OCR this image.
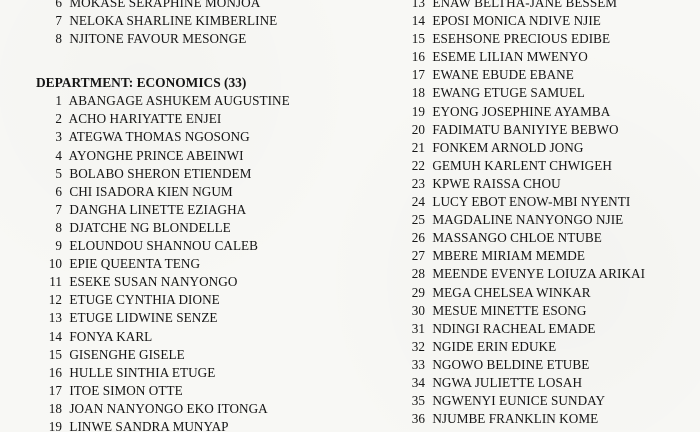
6 MOKASE SERAPHINE MONJOA
7 NELOKA SHARLINE KIMBERLINE
8 NJITONE FAVOUR MESONGE
DEPARTMENT: ECONOMICS (33)
1 ABANGAGE ASHUKEM AUGUSTINE
2 ACHO HARIYATTE ENJEI
3 ATEGWA THOMAS NGOSONG
4 AYONGHE PRINCE ABEINWI
5 BOLABO SHERON ETIENDEM
6 CHI ISADORA KIEN NGUM
7 DANGHA LINETTE EZIAGHA
8 DJATCHE NG BLONDELLE
9 ELOUNDOU SHANNOU CALEB
10 EPIE QUEENTA TENG
11 ESEKE SUSAN NANYONGO
12 ETUGE CYNTHIA DIONE
13 ETUGE LIDWINE SENZE
14 FONYA KARL
15 GISENGHE GISELE
16 HULLE SINTHIA ETUGE
17 ITOE SIMON OTTE
18 JOAN NANYONGO EKO ITONGA
19 LINWE SANDRA MUNYAP
13 ENAW BELTHA-JANE BESSEM
14 EPOSI MONICA NDIVE NJIE
15 ESEHSONE PRECIOUS EDIBE
16 ESEME LILIAN MWENYO
17 EWANE EBUDE EBANE
18 EWANG ETUGE SAMUEL
19 EYONG JOSEPHINE AYAMBA
20 FADIMATU BANIYIYE BEBWO
21 FONKEM ARNOLD JONG
22 GEMUH KARLENT CHWIGEH
23 KPWE RAISSA CHOU
24 LUCY EBOT ENOW-MBI NYENTI
25 MAGDALINE NANYONGO NJIE
26 MASSANGO CHLOE NTUBE
27 MBERE MIRIAM MEMDE
28 MEENDE EVENYE LOIUZA ARIKAI
29 MEGA CHELSEA WINKAR
30 MESUE MINETTE ESONG
31 NDINGI RACHEAL EMADE
32 NGIDE ERIN EDUKE
33 NGOWO BELDINE ETUBE
34 NGWA JULIETTE LOSAH
35 NGWENYI EUNICE SUNDAY
36 NJUMBE FRANKLIN KOME
